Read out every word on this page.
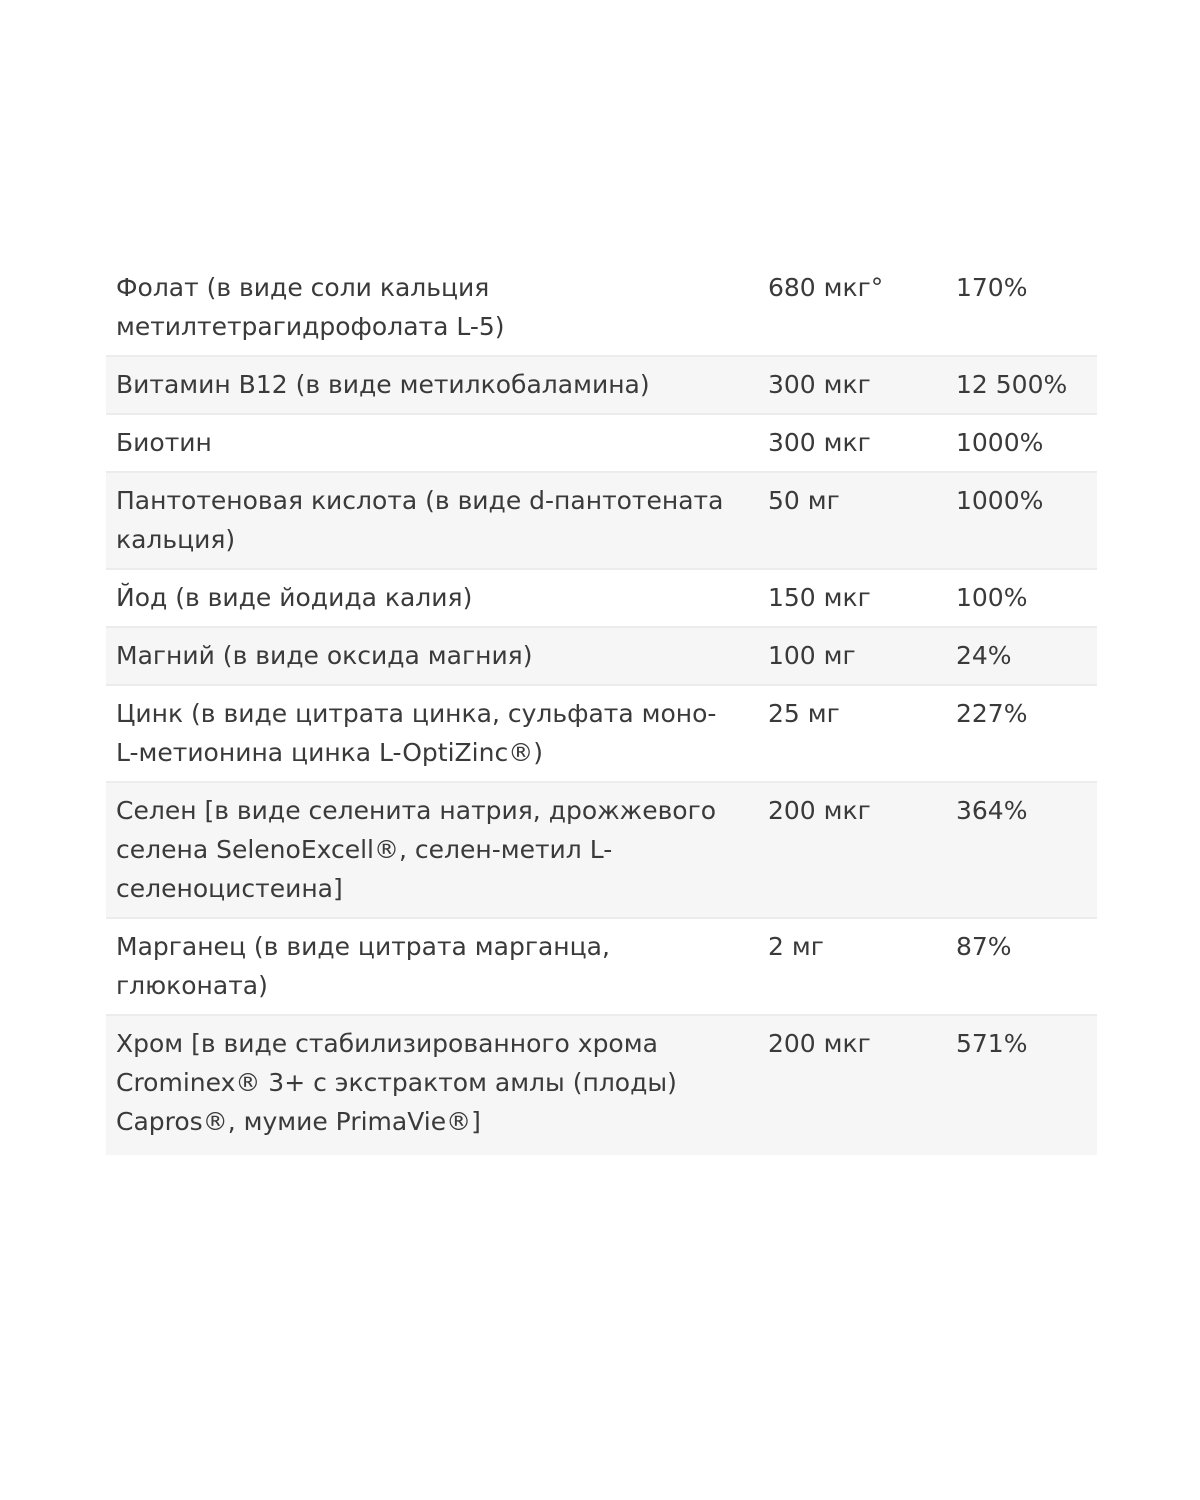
Фолат (в виде соли кальция метилтетрагидрофолата L-5)	680 мкг°	170%
Витамин B12 (в виде метилкобаламина)	300 мкг	12 500%
Биотин	300 мкг	1000%
Пантотеновая кислота (в виде d-пантотената кальция)	50 мг	1000%
Йод (в виде йодида калия)	150 мкг	100%
Магний (в виде оксида магния)	100 мг	24%
Цинк (в виде цитрата цинка, сульфата моно-L-метионина цинка L-OptiZinc®)	25 мг	227%
Селен [в виде селенита натрия, дрожжевого селена SelenoExcell®, селен-метил L-селеноцистеина]	200 мкг	364%
Марганец (в виде цитрата марганца, глюконата)	2 мг	87%
Хром [в виде стабилизированного хрома Crominex® 3+ с экстрактом амлы (плоды) Capros®, мумие PrimaVie®]	200 мкг	571%
